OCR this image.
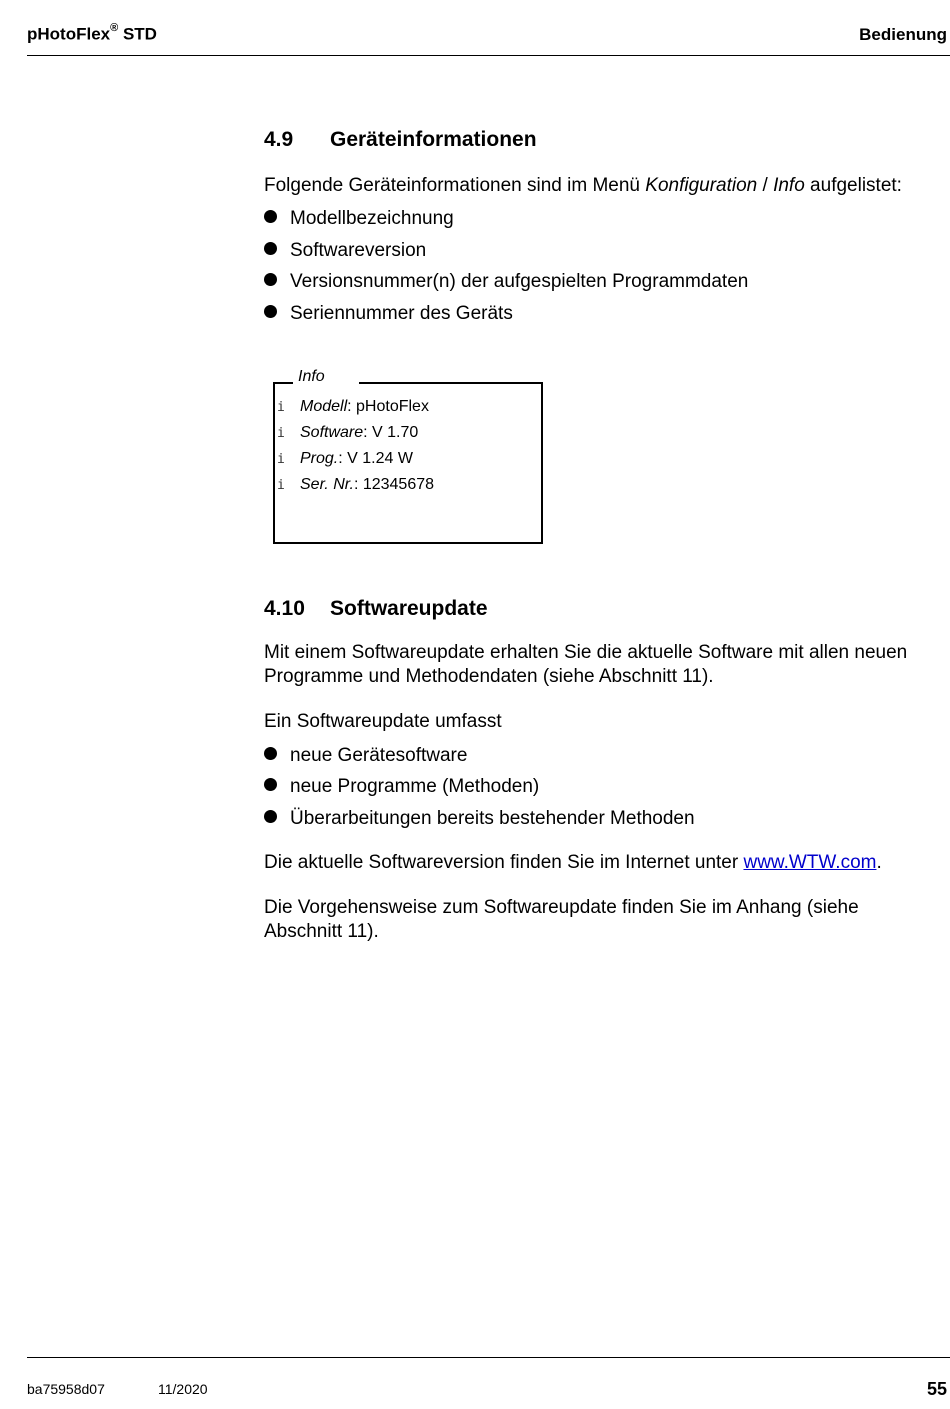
pHotoFlex® STD	Bedienung
4.9 Geräteinformationen
Folgende Geräteinformationen sind im Menü Konfiguration / Info aufgelistet:
Modellbezeichnung
Softwareversion
Versionsnummer(n) der aufgespielten Programmdaten
Seriennummer des Geräts
Info
i Modell: pHotoFlex
i Software: V 1.70
i Prog.: V 1.24 W
i Ser. Nr.: 12345678
4.10 Softwareupdate
Mit einem Softwareupdate erhalten Sie die aktuelle Software mit allen neuen
Programme und Methodendaten (siehe Abschnitt 11).
Ein Softwareupdate umfasst
neue Gerätesoftware
neue Programme (Methoden)
Überarbeitungen bereits bestehender Methoden
Die aktuelle Softwareversion finden Sie im Internet unter www.WTW.com.
Die Vorgehensweise zum Softwareupdate finden Sie im Anhang (siehe
Abschnitt 11).
ba75958d07	11/2020	55
